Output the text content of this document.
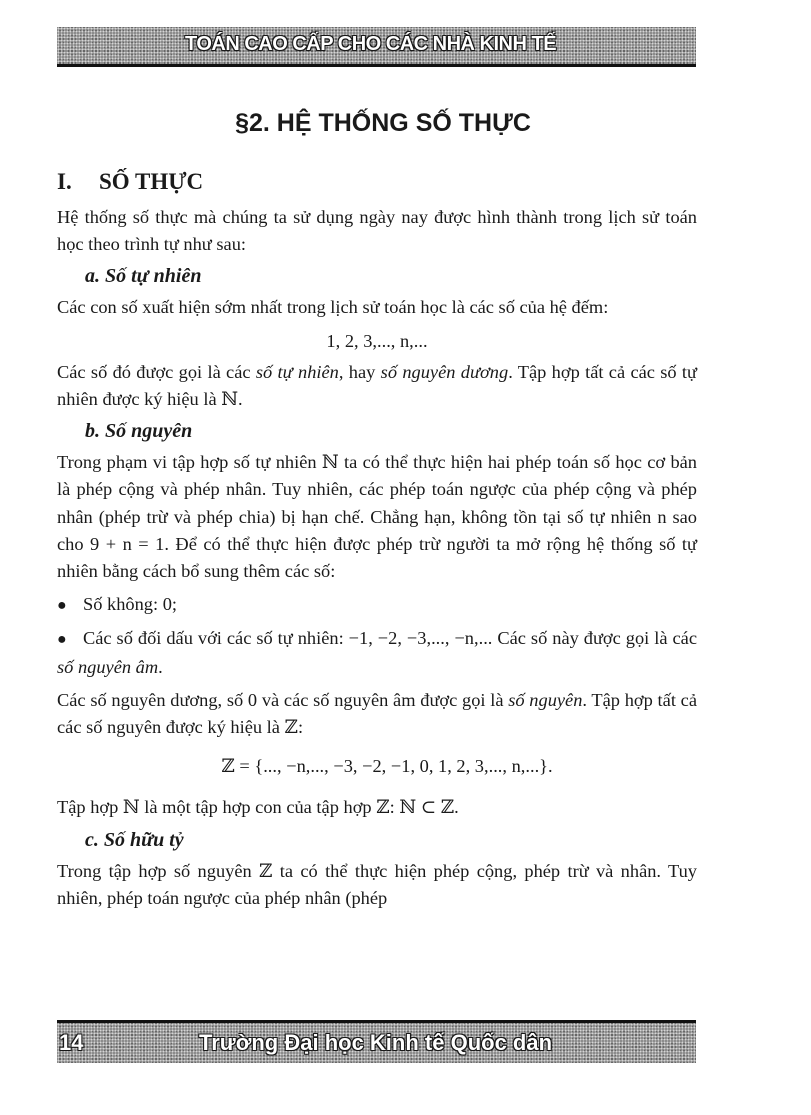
TOÁN CAO CẤP CHO CÁC NHÀ KINH TẾ
§2. HỆ THỐNG SỐ THỰC
I. SỐ THỰC

Hệ thống số thực mà chúng ta sử dụng ngày nay được hình thành trong lịch sử toán học theo trình tự như sau:

a. Số tự nhiên

Các con số xuất hiện sớm nhất trong lịch sử toán học là các số của hệ đếm:

1, 2, 3,..., n,...

Các số đó được gọi là các số tự nhiên, hay số nguyên dương. Tập hợp tất cả các số tự nhiên được ký hiệu là ℕ.

b. Số nguyên

Trong phạm vi tập hợp số tự nhiên ℕ ta có thể thực hiện hai phép toán số học cơ bản là phép cộng và phép nhân. Tuy nhiên, các phép toán ngược của phép cộng và phép nhân (phép trừ và phép chia) bị hạn chế. Chẳng hạn, không tồn tại số tự nhiên n sao cho 9 + n = 1. Để có thể thực hiện được phép trừ người ta mở rộng hệ thống số tự nhiên bằng cách bổ sung thêm các số:

● Số không: 0;

● Các số đối dấu với các số tự nhiên: −1, −2, −3,..., −n,... Các số này được gọi là các số nguyên âm.

Các số nguyên dương, số 0 và các số nguyên âm được gọi là số nguyên. Tập hợp tất cả các số nguyên được ký hiệu là ℤ:

ℤ = {..., −n,..., −3, −2, −1, 0, 1, 2, 3,..., n,...}.

Tập hợp ℕ là một tập hợp con của tập hợp ℤ: ℕ ⊂ ℤ.

c. Số hữu tỷ

Trong tập hợp số nguyên ℤ ta có thể thực hiện phép cộng, phép trừ và nhân. Tuy nhiên, phép toán ngược của phép nhân (phép

14	Trường Đại học Kinh tế Quốc dân
